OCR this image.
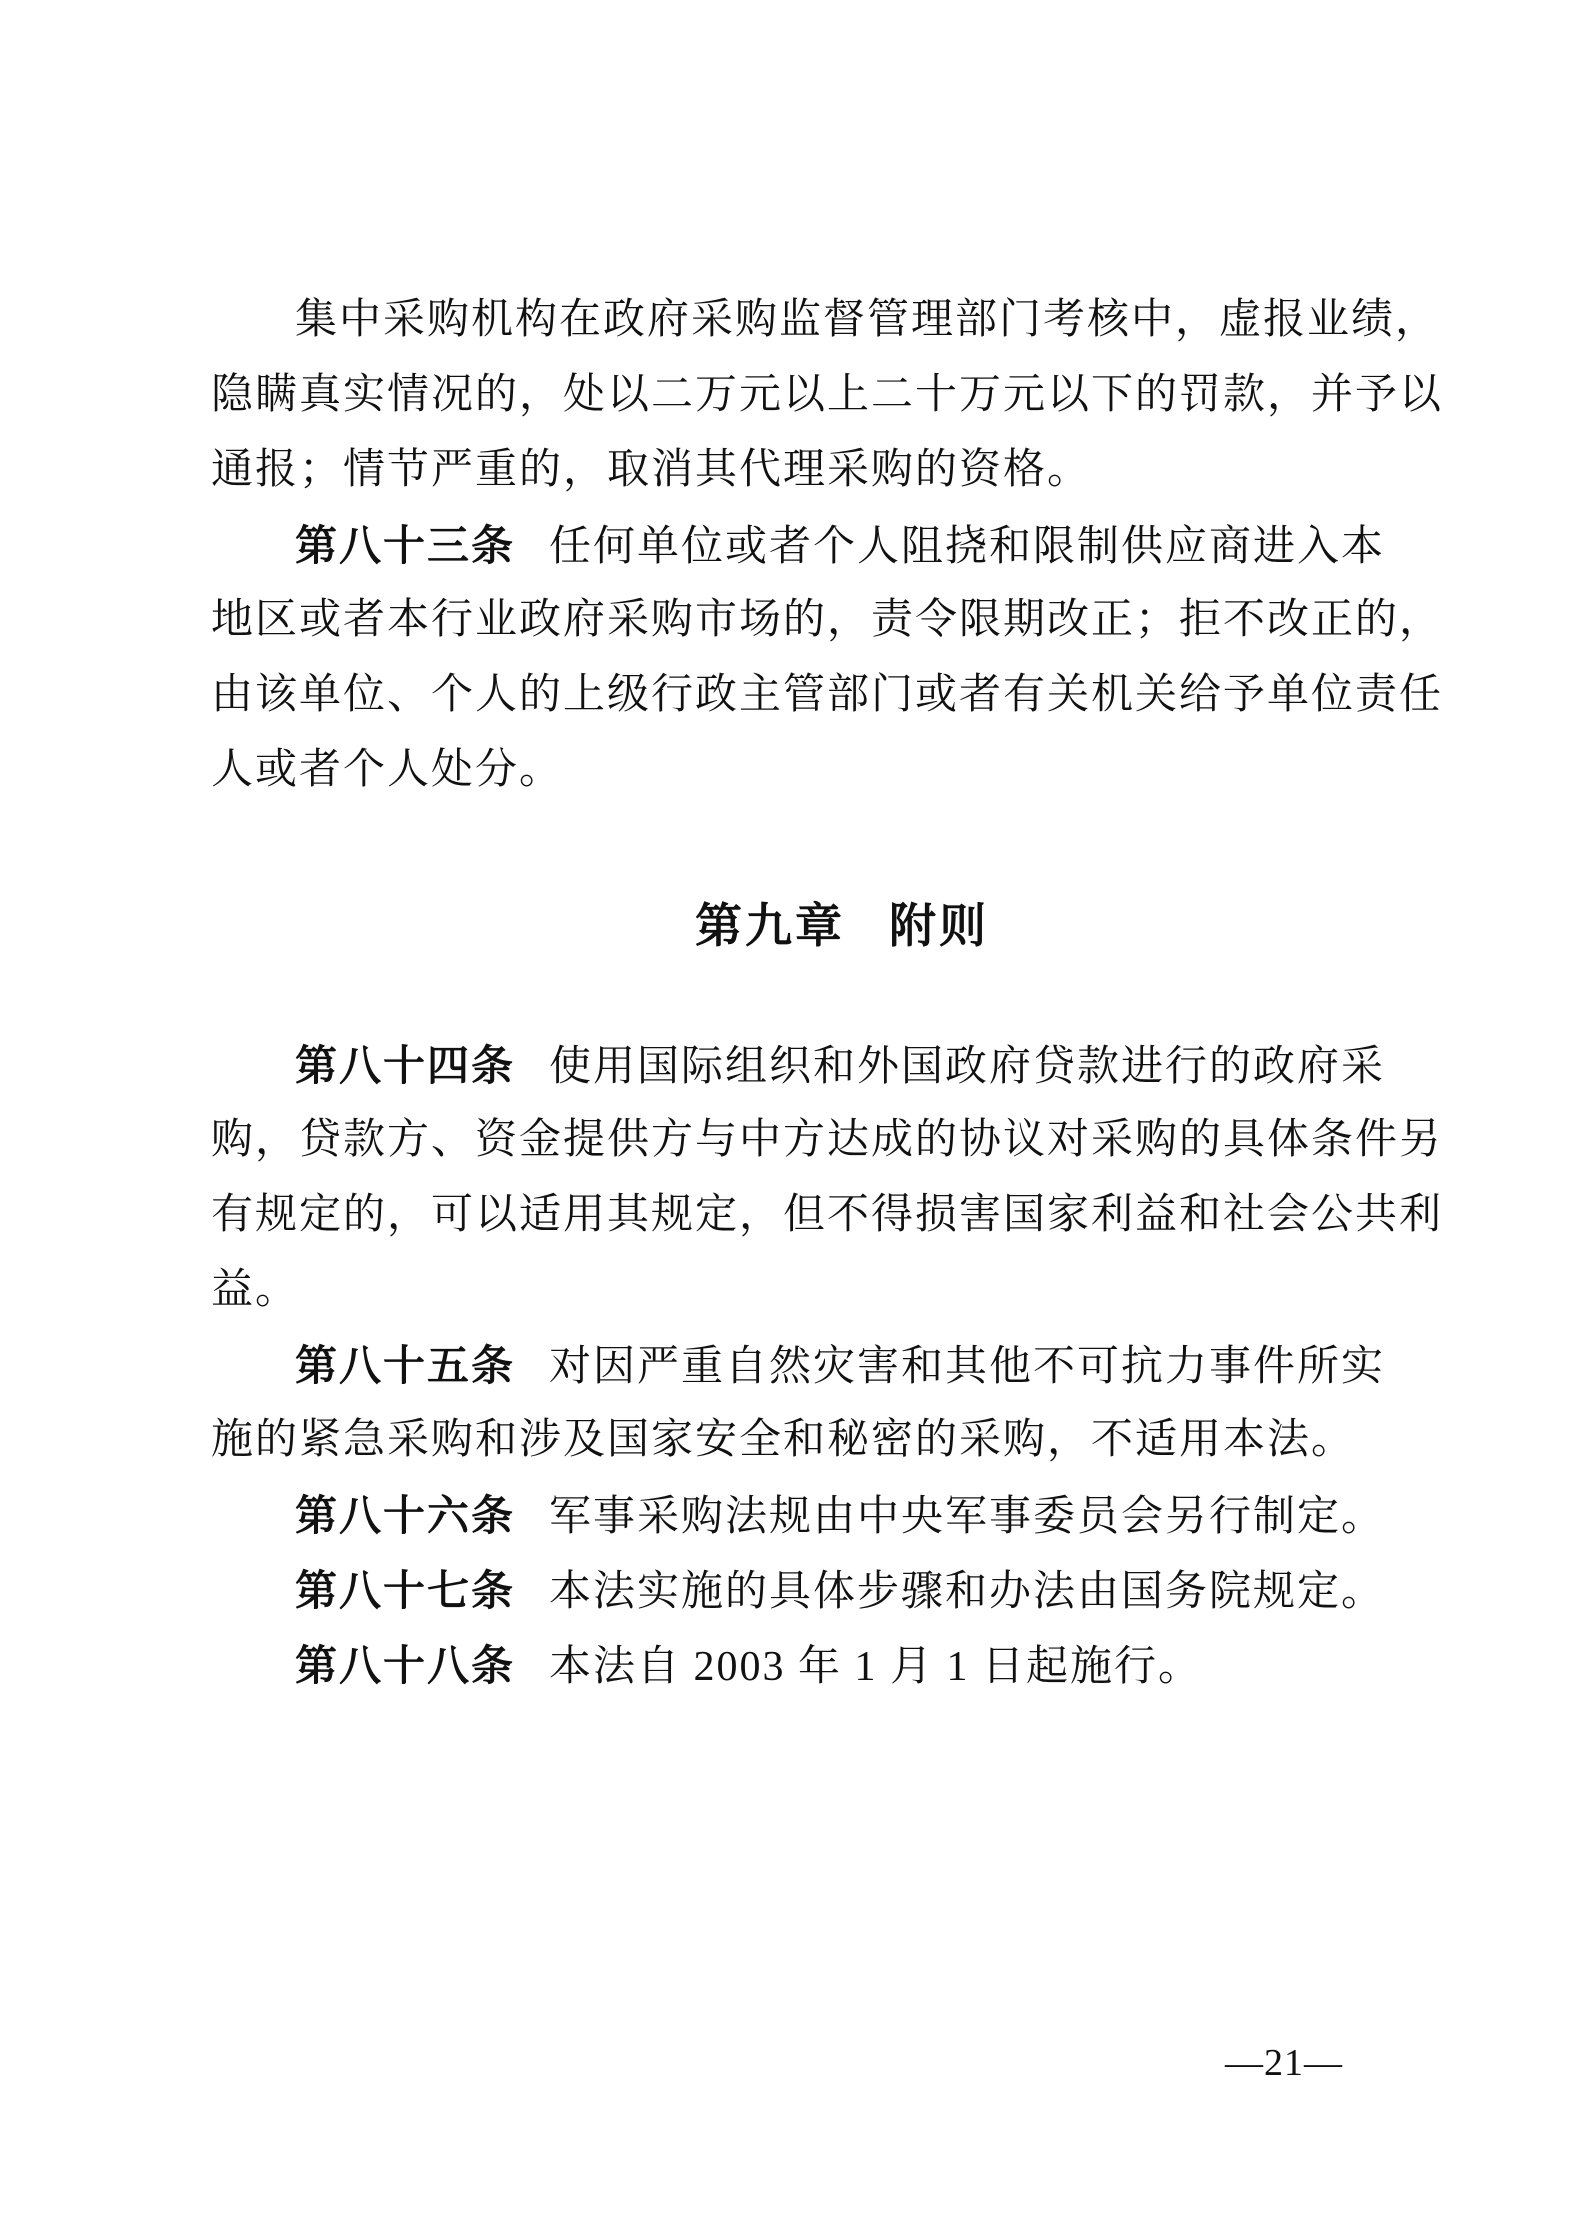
集中采购机构在政府采购监督管理部门考核中，虚报业绩，
隐瞒真实情况的，处以二万元以上二十万元以下的罚款，并予以
通报；情节严重的，取消其代理采购的资格。
第八十三条 任何单位或者个人阻挠和限制供应商进入本
地区或者本行业政府采购市场的，责令限期改正；拒不改正的，
由该单位、个人的上级行政主管部门或者有关机关给予单位责任
人或者个人处分。
第九章 附则
第八十四条 使用国际组织和外国政府贷款进行的政府采
购，贷款方、资金提供方与中方达成的协议对采购的具体条件另
有规定的，可以适用其规定，但不得损害国家利益和社会公共利
益。
第八十五条 对因严重自然灾害和其他不可抗力事件所实
施的紧急采购和涉及国家安全和秘密的采购，不适用本法。
第八十六条 军事采购法规由中央军事委员会另行制定。
第八十七条 本法实施的具体步骤和办法由国务院规定。
第八十八条 本法自 2003 年 1 月 1 日起施行。
—21—
